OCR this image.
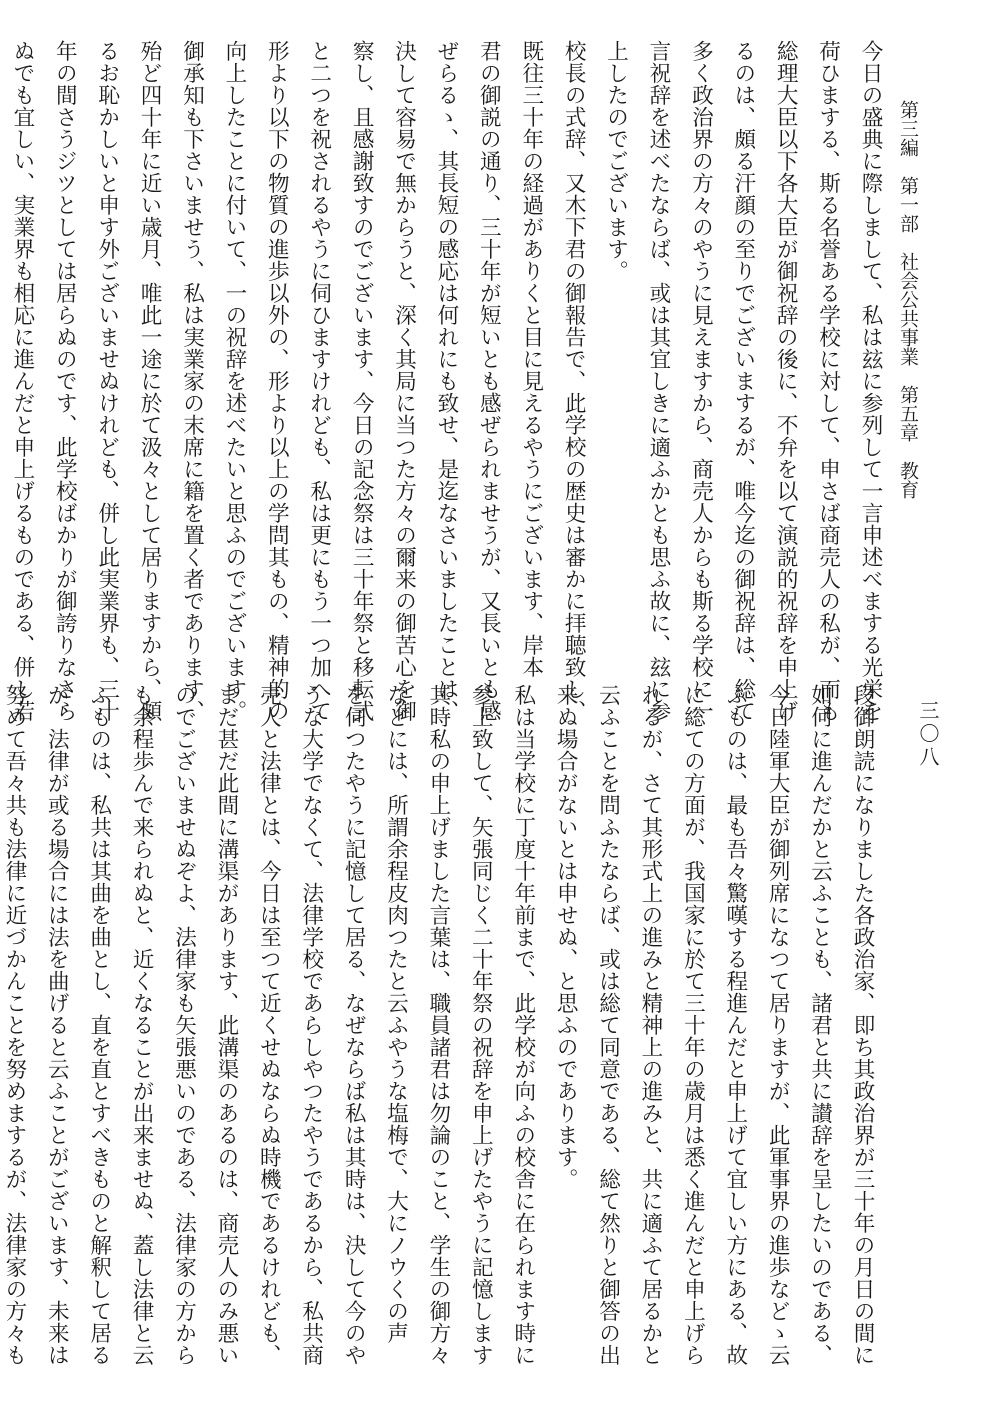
第三編　第一部　社会公共事業　第五章　教育
三〇八
今日の盛典に際しまして、私は玆に参列して一言申述べまする光栄を
荷ひまする、斯る名誉ある学校に対して、申さば商売人の私が、而も
総理大臣以下各大臣が御祝辞の後に、不弁を以て演説的祝辞を申上げ
るのは、頗る汗顔の至りでございまするが、唯今迄の御祝辞は、総て
多く政治界の方々のやうに見えますから、商売人からも斯る学校に一
言祝辞を述べたならば、或は其宜しきに適ふかとも思ふ故に、玆に参
上したのでございます。
校長の式辞、又木下君の御報告で、此学校の歴史は審かに拝聴致し、
既往三十年の経過がありくと目に見えるやうにございます、岸本
君の御説の通り、三十年が短いとも感ぜられませうが、又長いとも感
ぜらるゝ、其長短の感応は何れにも致せ、是迄なさいましたことは、
決して容易で無からうと、深く其局に当つた方々の爾来の御苦心を御
察し、且感謝致すのでございます、今日の記念祭は三十年祭と移転式
と二つを祝されるやうに伺ひますけれども、私は更にもう一つ加へて
形より以下の物質の進歩以外の、形より以上の学問其もの、精神的の
向上したことに付いて、一の祝辞を述べたいと思ふのでございます。
御承知も下さいませう、私は実業家の末席に籍を置く者であります、
殆ど四十年に近い歳月、唯此一途に於て汲々として居りますから、頗
るお恥かしいと申す外ございませぬけれども、併し此実業界も、三十
年の間さうジツとしては居らぬのです、此学校ばかりが御誇りなさら
ぬでも宜しい、実業界も相応に進んだと申上げるものである、併し若
段御朗読になりました各政治家、即ち其政治界が三十年の月日の間に
如何に進んだかと云ふことも、諸君と共に讃辞を呈したいのである、
今日陸軍大臣が御列席になつて居りますが、此軍事界の進歩などゝ云
ふものは、最も吾々驚嘆する程進んだと申上げて宜しい方にある、故
に総ての方面が、我国家に於て三十年の歳月は悉く進んだと申上げら
れるが、さて其形式上の進みと精神上の進みと、共に適ふて居るかと
云ふことを問ふたならば、或は総て同意である、総て然りと御答の出
来ぬ場合がないとは申せぬ、と思ふのであります。
私は当学校に丁度十年前まで、此学校が向ふの校舎に在られます時に
参上致して、矢張同じく二十年祭の祝辞を申上げたやうに記憶します
其時私の申上げました言葉は、職員諸君は勿論のこと、学生の御方々
などには、所謂余程皮肉つたと云ふやうな塩梅で、大にノウくの声
を伺つたやうに記憶して居る、なぜならば私は其時は、決して今のや
うな大学でなくて、法律学校であらしやつたやうであるから、私共商
売人と法律とは、今日は至つて近くせぬならぬ時機であるけれども、
まだ甚だ此間に溝渠があります、此溝渠のあるのは、商売人のみ悪い
のでございませぬぞよ、法律家も矢張悪いのである、法律家の方から
も余程歩んで来られぬと、近くなることが出来ませぬ、蓋し法律と云
ふものは、私共は其曲を曲とし、直を直とすべきものと解釈して居る
が、法律が或る場合には法を曲げると云ふことがございます、未来は
努めて吾々共も法律に近づかんことを努めまするが、法律家の方々も
